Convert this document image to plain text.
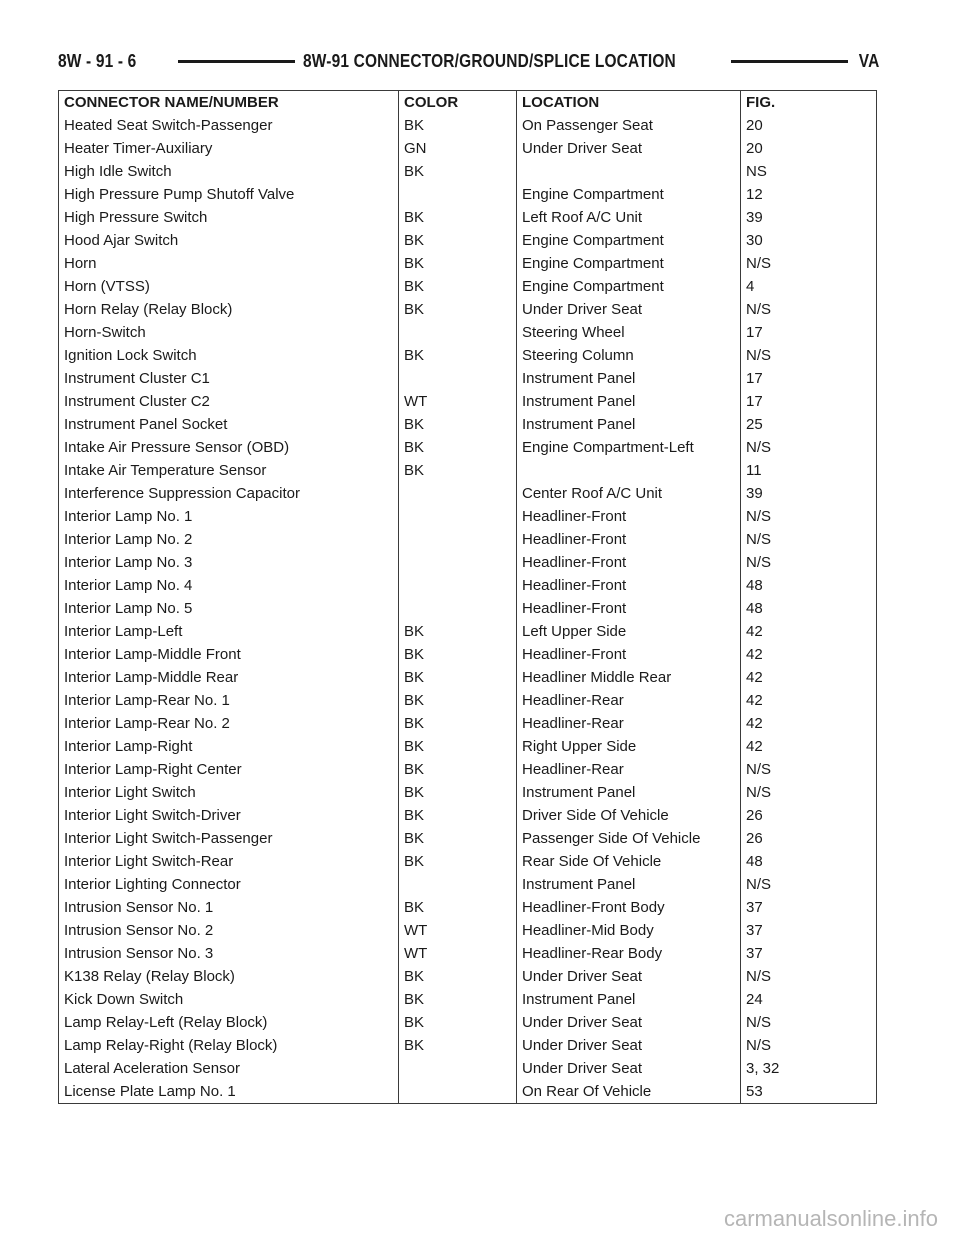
8W - 91 - 6	8W-91 CONNECTOR/GROUND/SPLICE LOCATION	VA
CONNECTOR NAME/NUMBER	COLOR	LOCATION	FIG.
Heated Seat Switch-Passenger	BK	On Passenger Seat	20
Heater Timer-Auxiliary	GN	Under Driver Seat	20
High Idle Switch	BK		NS
High Pressure Pump Shutoff Valve		Engine Compartment	12
High Pressure Switch	BK	Left Roof A/C Unit	39
Hood Ajar Switch	BK	Engine Compartment	30
Horn	BK	Engine Compartment	N/S
Horn (VTSS)	BK	Engine Compartment	4
Horn Relay (Relay Block)	BK	Under Driver Seat	N/S
Horn-Switch		Steering Wheel	17
Ignition Lock Switch	BK	Steering Column	N/S
Instrument Cluster C1		Instrument Panel	17
Instrument Cluster C2	WT	Instrument Panel	17
Instrument Panel Socket	BK	Instrument Panel	25
Intake Air Pressure Sensor (OBD)	BK	Engine Compartment-Left	N/S
Intake Air Temperature Sensor	BK		11
Interference Suppression Capacitor		Center Roof A/C Unit	39
Interior Lamp No. 1		Headliner-Front	N/S
Interior Lamp No. 2		Headliner-Front	N/S
Interior Lamp No. 3		Headliner-Front	N/S
Interior Lamp No. 4		Headliner-Front	48
Interior Lamp No. 5		Headliner-Front	48
Interior Lamp-Left	BK	Left Upper Side	42
Interior Lamp-Middle Front	BK	Headliner-Front	42
Interior Lamp-Middle Rear	BK	Headliner Middle Rear	42
Interior Lamp-Rear No. 1	BK	Headliner-Rear	42
Interior Lamp-Rear No. 2	BK	Headliner-Rear	42
Interior Lamp-Right	BK	Right Upper Side	42
Interior Lamp-Right Center	BK	Headliner-Rear	N/S
Interior Light Switch	BK	Instrument Panel	N/S
Interior Light Switch-Driver	BK	Driver Side Of Vehicle	26
Interior Light Switch-Passenger	BK	Passenger Side Of Vehicle	26
Interior Light Switch-Rear	BK	Rear Side Of Vehicle	48
Interior Lighting Connector		Instrument Panel	N/S
Intrusion Sensor No. 1	BK	Headliner-Front Body	37
Intrusion Sensor No. 2	WT	Headliner-Mid Body	37
Intrusion Sensor No. 3	WT	Headliner-Rear Body	37
K138 Relay (Relay Block)	BK	Under Driver Seat	N/S
Kick Down Switch	BK	Instrument Panel	24
Lamp Relay-Left (Relay Block)	BK	Under Driver Seat	N/S
Lamp Relay-Right (Relay Block)	BK	Under Driver Seat	N/S
Lateral Aceleration Sensor		Under Driver Seat	3, 32
License Plate Lamp No. 1		On Rear Of Vehicle	53
carmanualsonline.info
